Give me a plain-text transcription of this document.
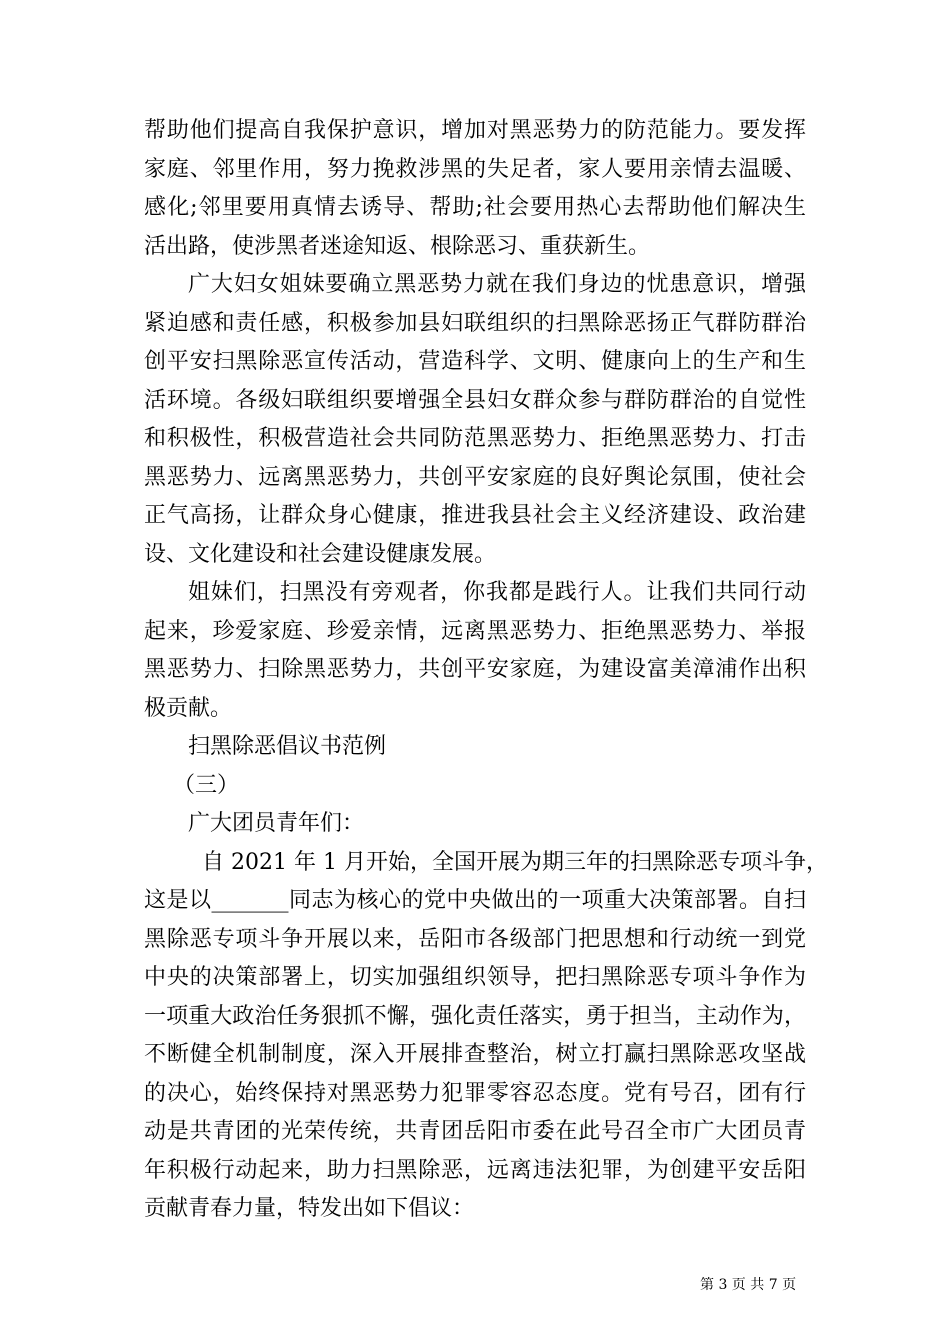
帮助他们提高自我保护意识，增加对黑恶势力的防范能力。要发挥
家庭、邻里作用，努力挽救涉黑的失足者，家人要用亲情去温暖、
感化;邻里要用真情去诱导、帮助;社会要用热心去帮助他们解决生
活出路，使涉黑者迷途知返、根除恶习、重获新生。

广大妇女姐妹要确立黑恶势力就在我们身边的忧患意识，增强
紧迫感和责任感，积极参加县妇联组织的扫黑除恶扬正气群防群治
创平安扫黑除恶宣传活动，营造科学、文明、健康向上的生产和生
活环境。各级妇联组织要增强全县妇女群众参与群防群治的自觉性
和积极性，积极营造社会共同防范黑恶势力、拒绝黑恶势力、打击
黑恶势力、远离黑恶势力，共创平安家庭的良好舆论氛围，使社会
正气高扬，让群众身心健康，推进我县社会主义经济建设、政治建
设、文化建设和社会建设健康发展。

姐妹们，扫黑没有旁观者，你我都是践行人。让我们共同行动
起来，珍爱家庭、珍爱亲情，远离黑恶势力、拒绝黑恶势力、举报
黑恶势力、扫除黑恶势力，共创平安家庭，为建设富美漳浦作出积
极贡献。

扫黑除恶倡议书范例
（三）
广大团员青年们：

自 2021 年 1 月开始，全国开展为期三年的扫黑除恶专项斗争，
这是以_______同志为核心的党中央做出的一项重大决策部署。自扫
黑除恶专项斗争开展以来，岳阳市各级部门把思想和行动统一到党
中央的决策部署上，切实加强组织领导，把扫黑除恶专项斗争作为
一项重大政治任务狠抓不懈，强化责任落实，勇于担当，主动作为，
不断健全机制制度，深入开展排查整治，树立打赢扫黑除恶攻坚战
的决心，始终保持对黑恶势力犯罪零容忍态度。党有号召，团有行
动是共青团的光荣传统，共青团岳阳市委在此号召全市广大团员青
年积极行动起来，助力扫黑除恶，远离违法犯罪，为创建平安岳阳
贡献青春力量，特发出如下倡议：

第 3 页 共 7 页
